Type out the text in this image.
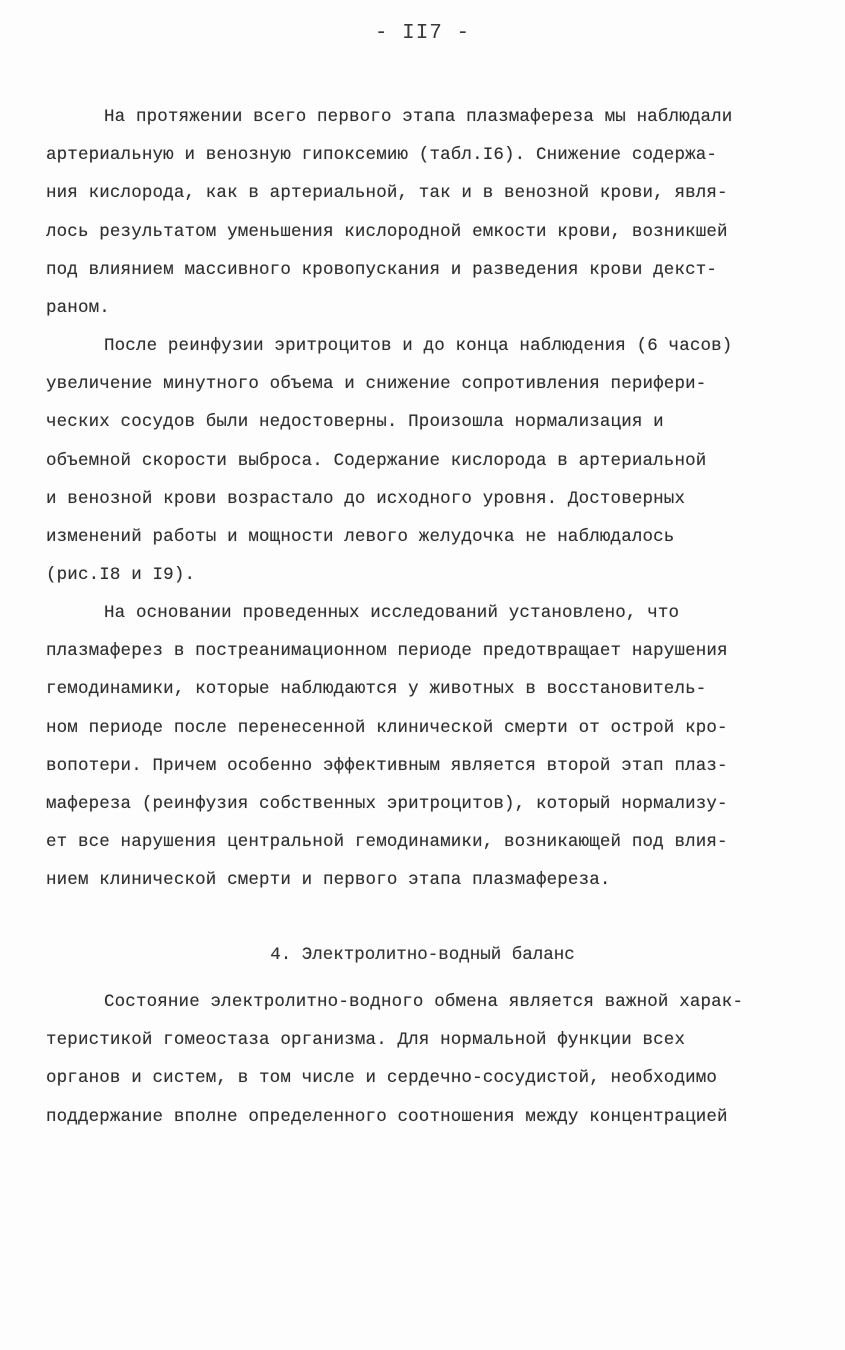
- II7 -
На протяжении всего первого этапа плазмафереза мы наблюдали
артериальную и венозную гипоксемию (табл.I6). Снижение содержа-
ния кислорода, как в артериальной, так и в венозной крови, явля-
лось результатом уменьшения кислородной емкости крови, возникшей
под влиянием массивного кровопускания и разведения крови декст-
раном.
После реинфузии эритроцитов и до конца наблюдения (6 часов)
увеличение минутного объема и снижение сопротивления перифери-
ческих сосудов были недостоверны. Произошла нормализация и
объемной скорости выброса. Содержание кислорода в артериальной
и венозной крови возрастало до исходного уровня. Достоверных
изменений работы и мощности левого желудочка не наблюдалось
(рис.I8 и I9).
На основании проведенных исследований установлено, что
плазмаферез в постреанимационном периоде предотвращает нарушения
гемодинамики, которые наблюдаются у животных в восстановитель-
ном периоде после перенесенной клинической смерти от острой кро-
вопотери. Причем особенно эффективным является второй этап плаз-
мафереза (реинфузия собственных эритроцитов), который нормализу-
ет все нарушения центральной гемодинамики, возникающей под влия-
нием клинической смерти и первого этапа плазмафереза.
4. Электролитно-водный баланс
Состояние электролитно-водного обмена является важной харак-
теристикой гомеостаза организма. Для нормальной функции всех
органов и систем, в том числе и сердечно-сосудистой, необходимо
поддержание вполне определенного соотношения между концентрацией
